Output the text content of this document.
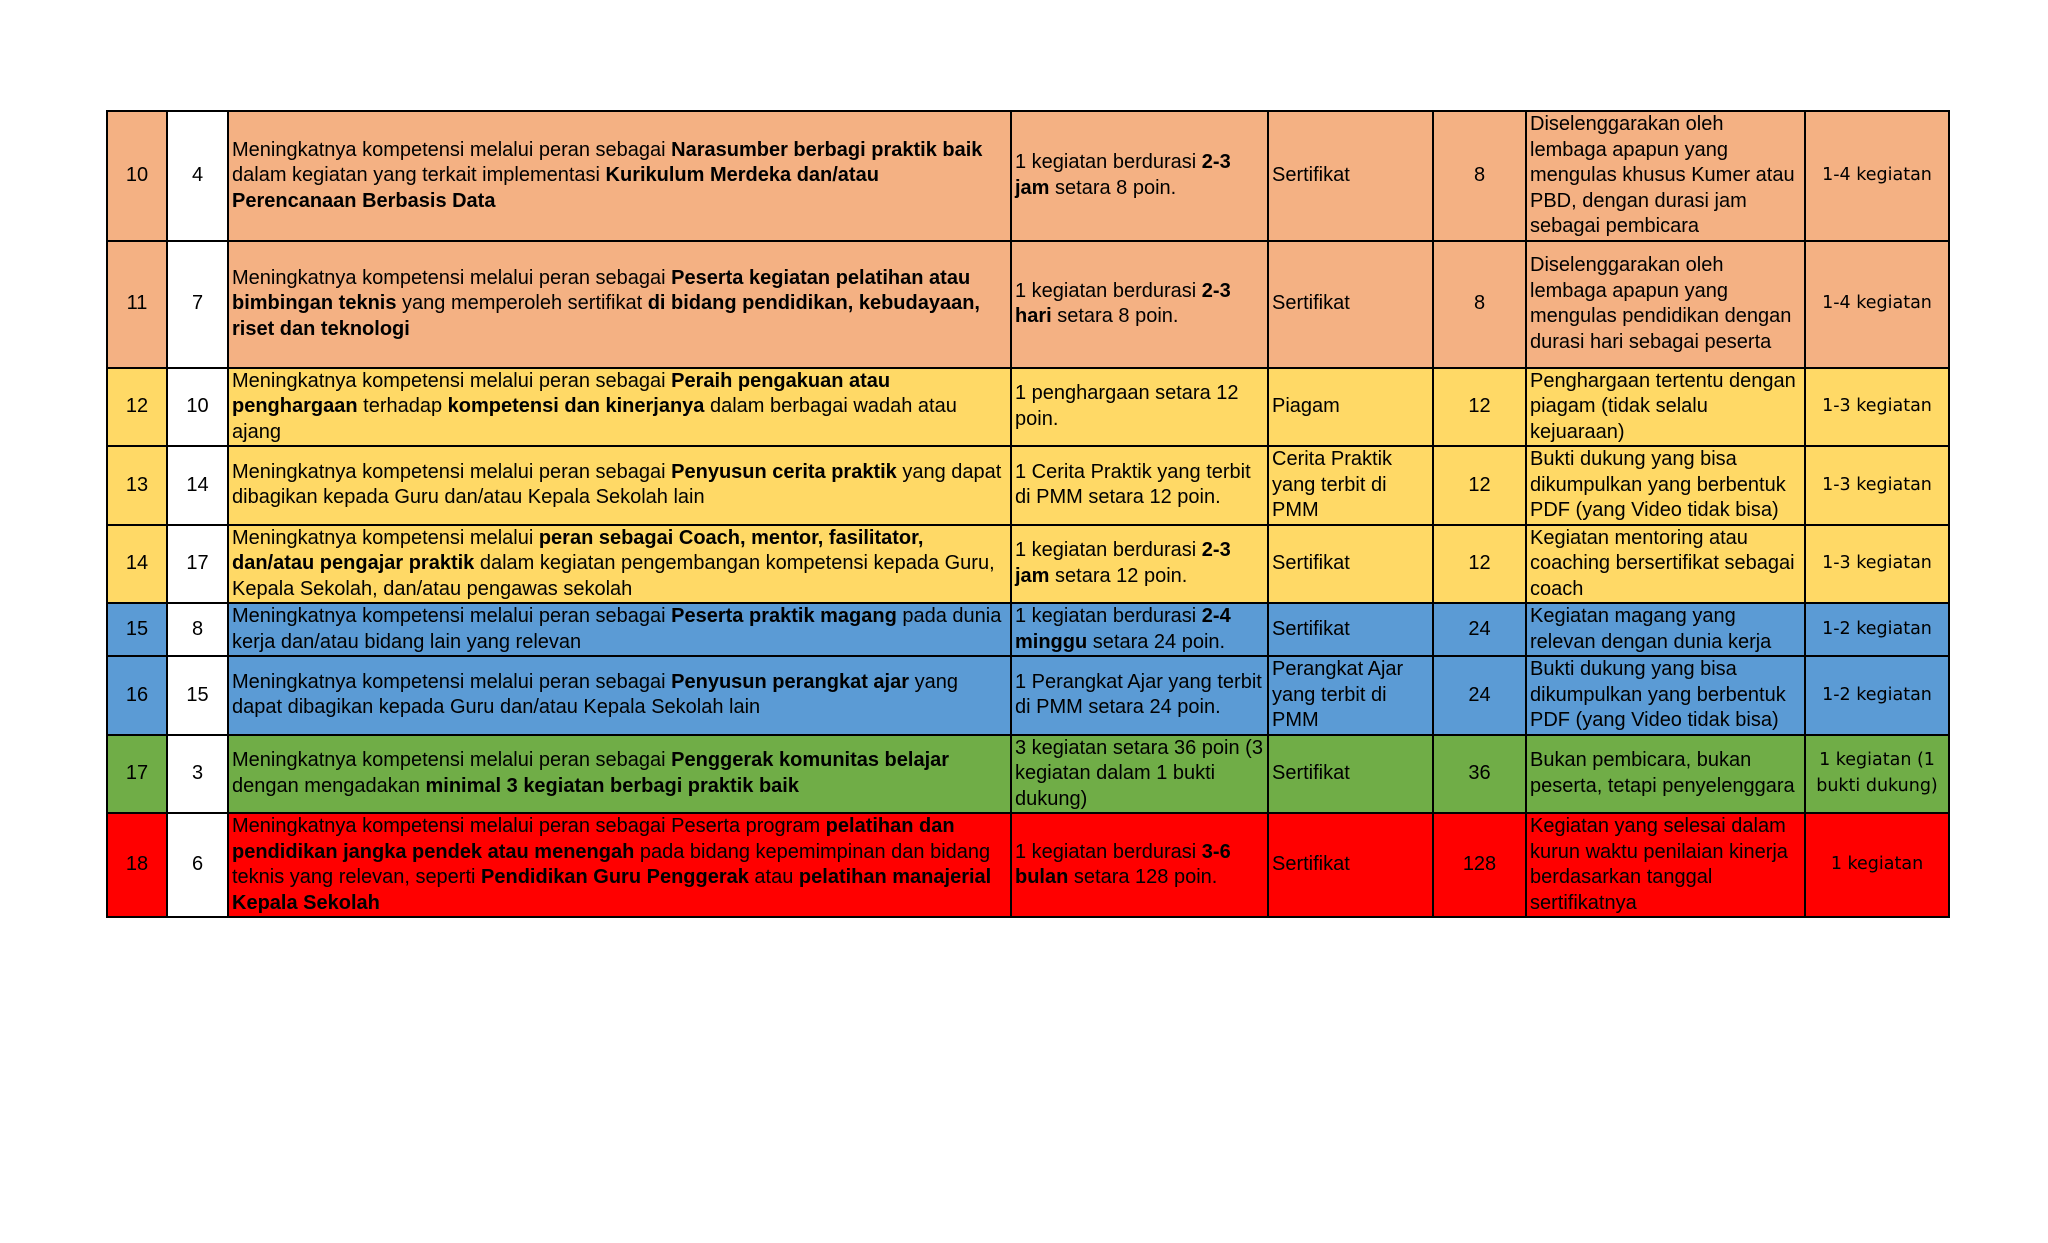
10	4	Meningkatnya kompetensi melalui peran sebagai Narasumber berbagi praktik baik dalam kegiatan yang terkait implementasi Kurikulum Merdeka dan/atau Perencanaan Berbasis Data	1 kegiatan berdurasi 2-3 jam setara 8 poin.	Sertifikat	8	Diselenggarakan oleh lembaga apapun yang mengulas khusus Kumer atau PBD, dengan durasi jam sebagai pembicara	1-4 kegiatan
11	7	Meningkatnya kompetensi melalui peran sebagai Peserta kegiatan pelatihan atau bimbingan teknis yang memperoleh sertifikat di bidang pendidikan, kebudayaan, riset dan teknologi	1 kegiatan berdurasi 2-3 hari setara 8 poin.	Sertifikat	8	Diselenggarakan oleh lembaga apapun yang mengulas pendidikan dengan durasi hari sebagai peserta	1-4 kegiatan
12	10	Meningkatnya kompetensi melalui peran sebagai Peraih pengakuan atau penghargaan terhadap kompetensi dan kinerjanya dalam berbagai wadah atau ajang	1 penghargaan setara 12 poin.	Piagam	12	Penghargaan tertentu dengan piagam (tidak selalu kejuaraan)	1-3 kegiatan
13	14	Meningkatnya kompetensi melalui peran sebagai Penyusun cerita praktik yang dapat dibagikan kepada Guru dan/atau Kepala Sekolah lain	1 Cerita Praktik yang terbit di PMM setara 12 poin.	Cerita Praktik yang terbit di PMM	12	Bukti dukung yang bisa dikumpulkan yang berbentuk PDF (yang Video tidak bisa)	1-3 kegiatan
14	17	Meningkatnya kompetensi melalui peran sebagai Coach, mentor, fasilitator, dan/atau pengajar praktik dalam kegiatan pengembangan kompetensi kepada Guru, Kepala Sekolah, dan/atau pengawas sekolah	1 kegiatan berdurasi 2-3 jam setara 12 poin.	Sertifikat	12	Kegiatan mentoring atau coaching bersertifikat sebagai coach	1-3 kegiatan
15	8	Meningkatnya kompetensi melalui peran sebagai Peserta praktik magang pada dunia kerja dan/atau bidang lain yang relevan	1 kegiatan berdurasi 2-4 minggu setara 24 poin.	Sertifikat	24	Kegiatan magang yang relevan dengan dunia kerja	1-2 kegiatan
16	15	Meningkatnya kompetensi melalui peran sebagai Penyusun perangkat ajar yang dapat dibagikan kepada Guru dan/atau Kepala Sekolah lain	1 Perangkat Ajar yang terbit di PMM setara 24 poin.	Perangkat Ajar yang terbit di PMM	24	Bukti dukung yang bisa dikumpulkan yang berbentuk PDF (yang Video tidak bisa)	1-2 kegiatan
17	3	Meningkatnya kompetensi melalui peran sebagai Penggerak komunitas belajar dengan mengadakan minimal 3 kegiatan berbagi praktik baik	3 kegiatan setara 36 poin (3 kegiatan dalam 1 bukti dukung)	Sertifikat	36	Bukan pembicara, bukan peserta, tetapi penyelenggara	1 kegiatan (1 bukti dukung)
18	6	Meningkatnya kompetensi melalui peran sebagai Peserta program pelatihan dan pendidikan jangka pendek atau menengah pada bidang kepemimpinan dan bidang teknis yang relevan, seperti Pendidikan Guru Penggerak atau pelatihan manajerial Kepala Sekolah	1 kegiatan berdurasi 3-6 bulan setara 128 poin.	Sertifikat	128	Kegiatan yang selesai dalam kurun waktu penilaian kinerja berdasarkan tanggal sertifikatnya	1 kegiatan
